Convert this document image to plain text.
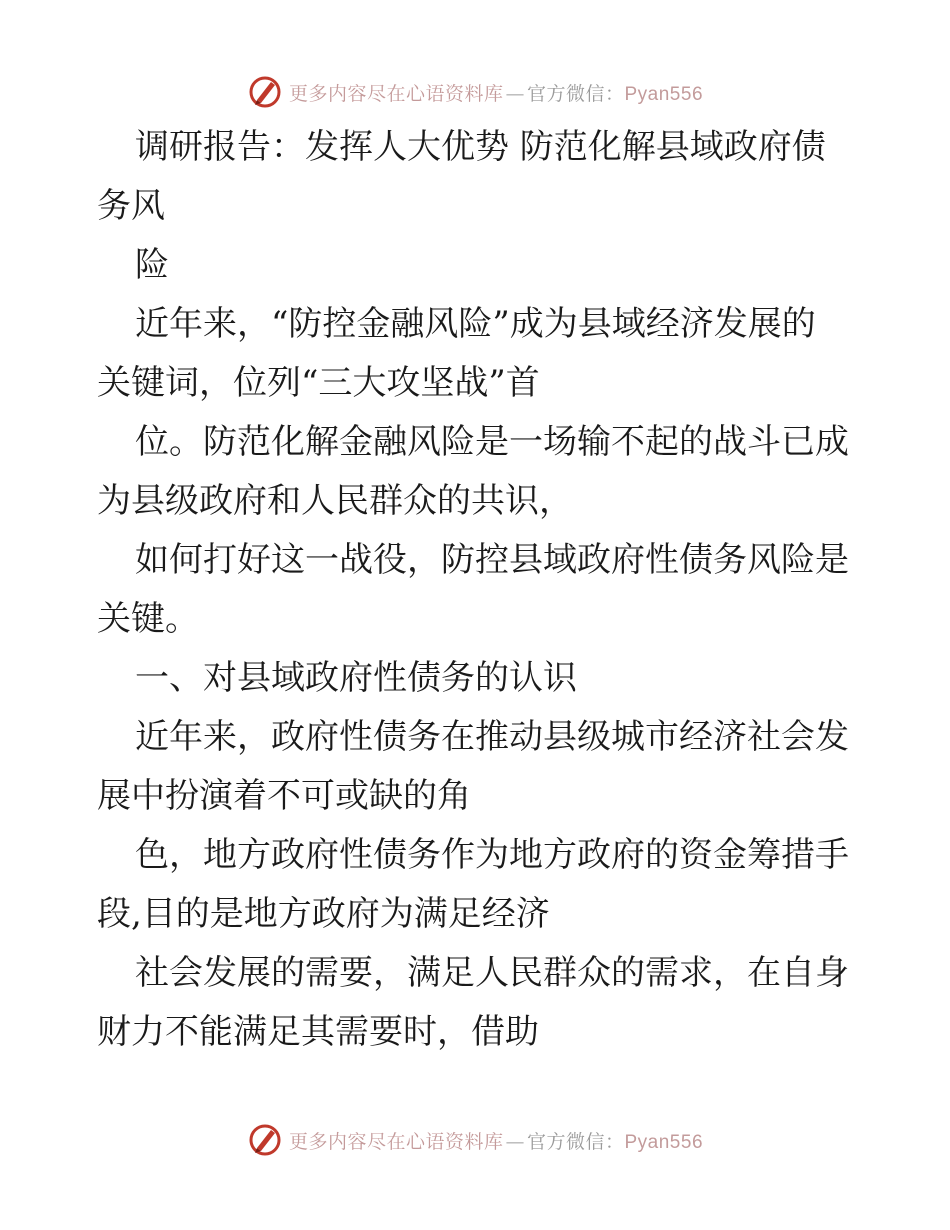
更多内容尽在心语资料库 — 官方微信：Pyan556
调研报告：发挥人大优势 防范化解县域政府债
务风
险
近年来，“防控金融风险”成为县域经济发展的
关键词，位列“三大攻坚战”首
位。防范化解金融风险是一场输不起的战斗已成
为县级政府和人民群众的共识，
如何打好这一战役，防控县域政府性债务风险是
关键。
一、对县域政府性债务的认识
近年来，政府性债务在推动县级城市经济社会发
展中扮演着不可或缺的角
色，地方政府性债务作为地方政府的资金筹措手
段,目的是地方政府为满足经济
社会发展的需要，满足人民群众的需求，在自身
财力不能满足其需要时，借助
更多内容尽在心语资料库 — 官方微信：Pyan556
